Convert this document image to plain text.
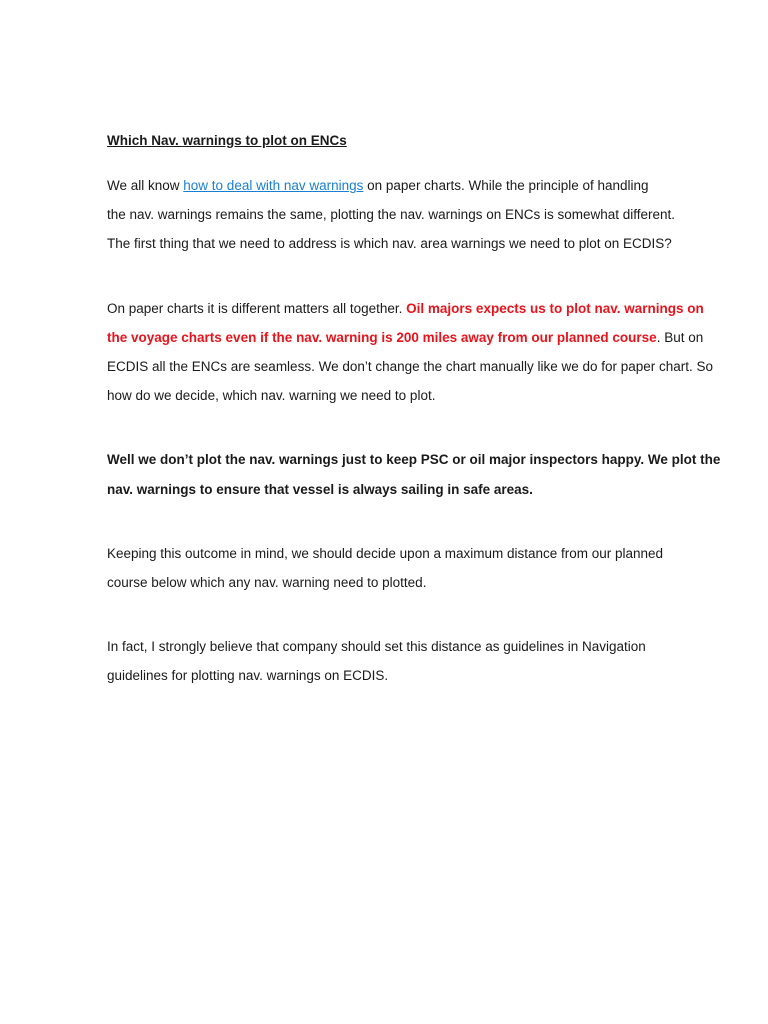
Which Nav. warnings to plot on ENCs
We all know how to deal with nav warnings on paper charts. While the principle of handling
the nav. warnings remains the same, plotting the nav. warnings on ENCs is somewhat different.
The first thing that we need to address is which nav. area warnings we need to plot on ECDIS?
On paper charts it is different matters all together. Oil majors expects us to plot nav. warnings on
the voyage charts even if the nav. warning is 200 miles away from our planned course. But on
ECDIS all the ENCs are seamless. We don’t change the chart manually like we do for paper chart. So
how do we decide, which nav. warning we need to plot.
Well we don’t plot the nav. warnings just to keep PSC or oil major inspectors happy. We plot the
nav. warnings to ensure that vessel is always sailing in safe areas.
Keeping this outcome in mind, we should decide upon a maximum distance from our planned
course below which any nav. warning need to plotted.
In fact, I strongly believe that company should set this distance as guidelines in Navigation
guidelines for plotting nav. warnings on ECDIS.
